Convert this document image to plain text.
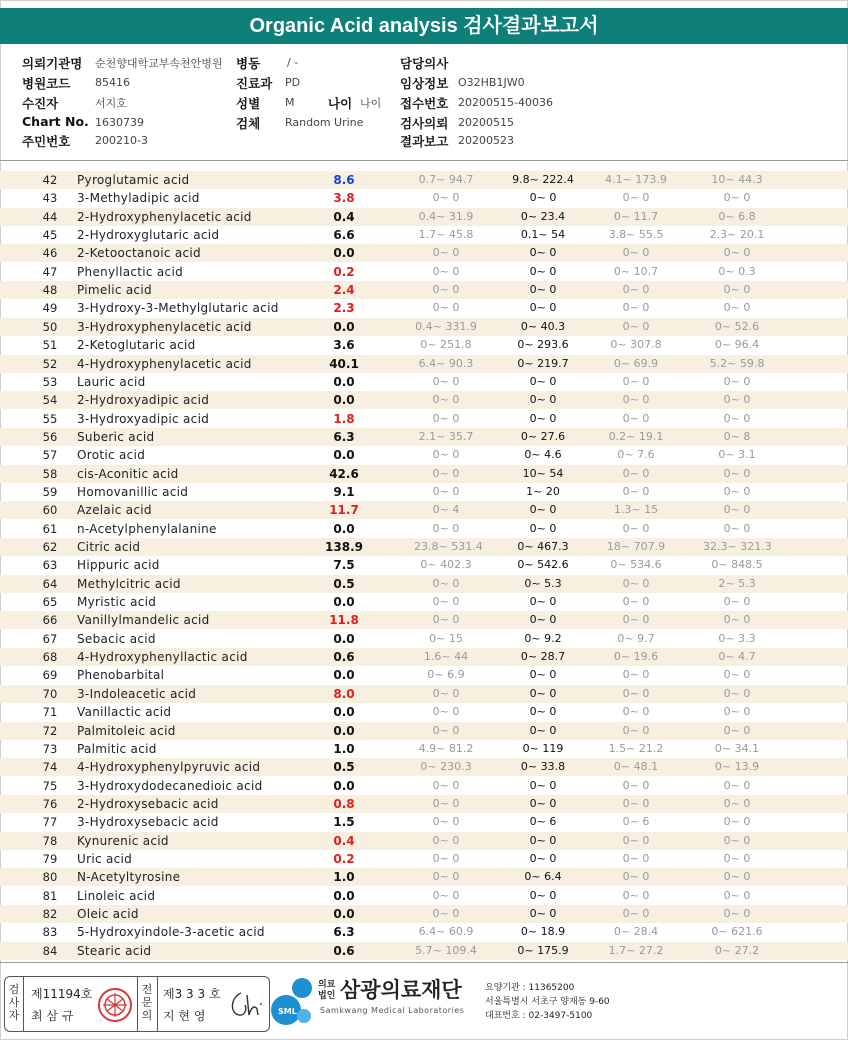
Organic Acid analysis 검사결과보고서
의뢰기관명 순천향대학교부속천안병원 병동 / -	담당의사
병원코드 85416	진료과 PD	임상정보 O32HB1JW0
수진자	서지호	성별 M	나이 나이 접수번호 20200515-40036
Chart No. 1630739	검체 Random Urine	검사의뢰 20200515
주민번호 200210-3	결과보고 20200523
42 Pyroglutamic acid	8.6	0.7~ 94.7	9.8~ 222.4	4.1~ 173.9	10~ 44.3
43 3-Methyladipic acid	3.8	0~ 0	0~ 0	0~ 0	0~ 0
44 2-Hydroxyphenylacetic acid	0.4	0.4~ 31.9	0~ 23.4	0~ 11.7	0~ 6.8
45 2-Hydroxyglutaric acid	6.6	1.7~ 45.8	0.1~ 54	3.8~ 55.5	2.3~ 20.1
46 2-Ketooctanoic acid	0.0	0~ 0	0~ 0	0~ 0	0~ 0
47 Phenyllactic acid	0.2	0~ 0	0~ 0	0~ 10.7	0~ 0.3
48 Pimelic acid	2.4	0~ 0	0~ 0	0~ 0	0~ 0
49 3-Hydroxy-3-Methylglutaric acid	2.3	0~ 0	0~ 0	0~ 0	0~ 0
50 3-Hydroxyphenylacetic acid	0.0	0.4~ 331.9	0~ 40.3	0~ 0	0~ 52.6
51 2-Ketoglutaric acid	3.6	0~ 251.8	0~ 293.6	0~ 307.8	0~ 96.4
52 4-Hydroxyphenylacetic acid	40.1	6.4~ 90.3	0~ 219.7	0~ 69.9	5.2~ 59.8
53 Lauric acid	0.0	0~ 0	0~ 0	0~ 0	0~ 0
54 2-Hydroxyadipic acid	0.0	0~ 0	0~ 0	0~ 0	0~ 0
55 3-Hydroxyadipic acid	1.8	0~ 0	0~ 0	0~ 0	0~ 0
56 Suberic acid	6.3	2.1~ 35.7	0~ 27.6	0.2~ 19.1	0~ 8
57 Orotic acid	0.0	0~ 0	0~ 4.6	0~ 7.6	0~ 3.1
58 cis-Aconitic acid	42.6	0~ 0	10~ 54	0~ 0	0~ 0
59 Homovanillic acid	9.1	0~ 0	1~ 20	0~ 0	0~ 0
60 Azelaic acid	11.7	0~ 4	0~ 0	1.3~ 15	0~ 0
61 n-Acetylphenylalanine	0.0	0~ 0	0~ 0	0~ 0	0~ 0
62 Citric acid	138.9	23.8~ 531.4	0~ 467.3	18~ 707.9	32.3~ 321.3
63 Hippuric acid	7.5	0~ 402.3	0~ 542.6	0~ 534.6	0~ 848.5
64 Methylcitric acid	0.5	0~ 0	0~ 5.3	0~ 0	2~ 5.3
65 Myristic acid	0.0	0~ 0	0~ 0	0~ 0	0~ 0
66 Vanillylmandelic acid	11.8	0~ 0	0~ 0	0~ 0	0~ 0
67 Sebacic acid	0.0	0~ 15	0~ 9.2	0~ 9.7	0~ 3.3
68 4-Hydroxyphenyllactic acid	0.6	1.6~ 44	0~ 28.7	0~ 19.6	0~ 4.7
69 Phenobarbital	0.0	0~ 6.9	0~ 0	0~ 0	0~ 0
70 3-Indoleacetic acid	8.0	0~ 0	0~ 0	0~ 0	0~ 0
71 Vanillactic acid	0.0	0~ 0	0~ 0	0~ 0	0~ 0
72 Palmitoleic acid	0.0	0~ 0	0~ 0	0~ 0	0~ 0
73 Palmitic acid	1.0	4.9~ 81.2	0~ 119	1.5~ 21.2	0~ 34.1
74 4-Hydroxyphenylpyruvic acid	0.5	0~ 230.3	0~ 33.8	0~ 48.1	0~ 13.9
75 3-Hydroxydodecanedioic acid	0.0	0~ 0	0~ 0	0~ 0	0~ 0
76 2-Hydroxysebacic acid	0.8	0~ 0	0~ 0	0~ 0	0~ 0
77 3-Hydroxysebacic acid	1.5	0~ 0	0~ 6	0~ 6	0~ 0
78 Kynurenic acid	0.4	0~ 0	0~ 0	0~ 0	0~ 0
79 Uric acid	0.2	0~ 0	0~ 0	0~ 0	0~ 0
80 N-Acetyltyrosine	1.0	0~ 0	0~ 6.4	0~ 0	0~ 0
81 Linoleic acid	0.0	0~ 0	0~ 0	0~ 0	0~ 0
82 Oleic acid	0.0	0~ 0	0~ 0	0~ 0	0~ 0
83 5-Hydroxyindole-3-acetic acid	6.3	6.4~ 60.9	0~ 18.9	0~ 28.4	0~ 621.6
84 Stearic acid	0.6	5.7~ 109.4	0~ 175.9	1.7~ 27.2	0~ 27.2
검
사
자
제11194호
최 삼 규
전
문
의
제3 3 3 호
지 현 영	SML
의료
법인 삼광의료재단
Samkwang Medical Laboratories
요양기관 : 11365200
서울특별시 서초구 양재동 9-60
대표번호 : 02-3497-5100
